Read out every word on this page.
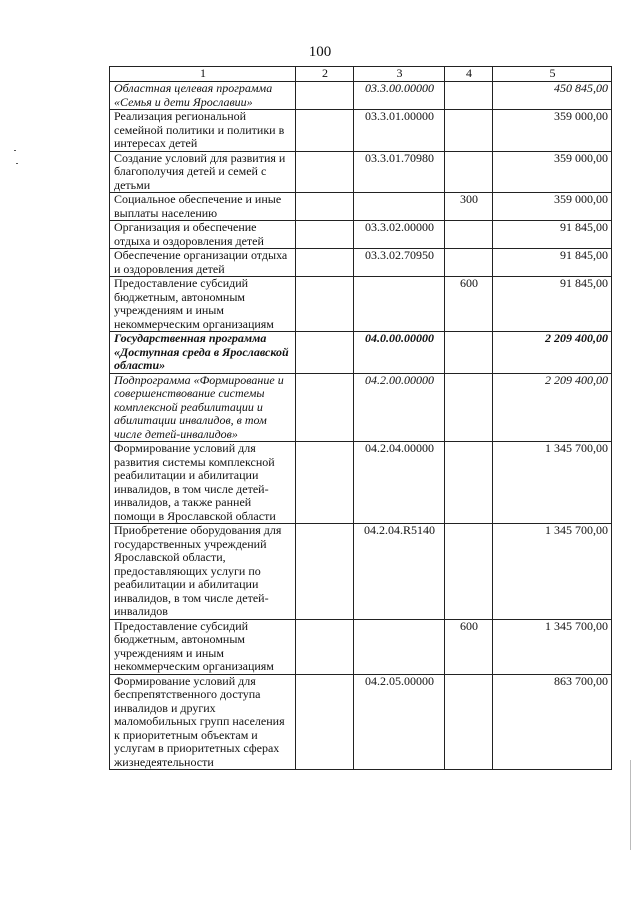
100
1	2	3	4	5
Областная целевая программа «Семья и дети Ярославии»		03.3.00.00000		450 845,00
Реализация региональной семейной политики и политики в интересах детей		03.3.01.00000		359 000,00
Создание условий для развития и благополучия детей и семей с детьми		03.3.01.70980		359 000,00
Социальное обеспечение и иные выплаты населению			300	359 000,00
Организация и обеспечение отдыха и оздоровления детей		03.3.02.00000		91 845,00
Обеспечение организации отдыха и оздоровления детей		03.3.02.70950		91 845,00
Предоставление субсидий бюджетным, автономным учреждениям и иным некоммерческим организациям			600	91 845,00
Государственная программа «Доступная среда в Ярославской области»		04.0.00.00000		2 209 400,00
Подпрограмма «Формирование и совершенствование системы комплексной реабилитации и абилитации инвалидов, в том числе детей-инвалидов»		04.2.00.00000		2 209 400,00
Формирование условий для развития системы комплексной реабилитации и абилитации инвалидов, в том числе детей-инвалидов, а также ранней помощи в Ярославской области		04.2.04.00000		1 345 700,00
Приобретение оборудования для государственных учреждений Ярославской области, предоставляющих услуги по реабилитации и абилитации инвалидов, в том числе детей-инвалидов		04.2.04.R5140		1 345 700,00
Предоставление субсидий бюджетным, автономным учреждениям и иным некоммерческим организациям			600	1 345 700,00
Формирование условий для беспрепятственного доступа инвалидов и других маломобильных групп населения к приоритетным объектам и услугам в приоритетных сферах жизнедеятельности		04.2.05.00000		863 700,00
